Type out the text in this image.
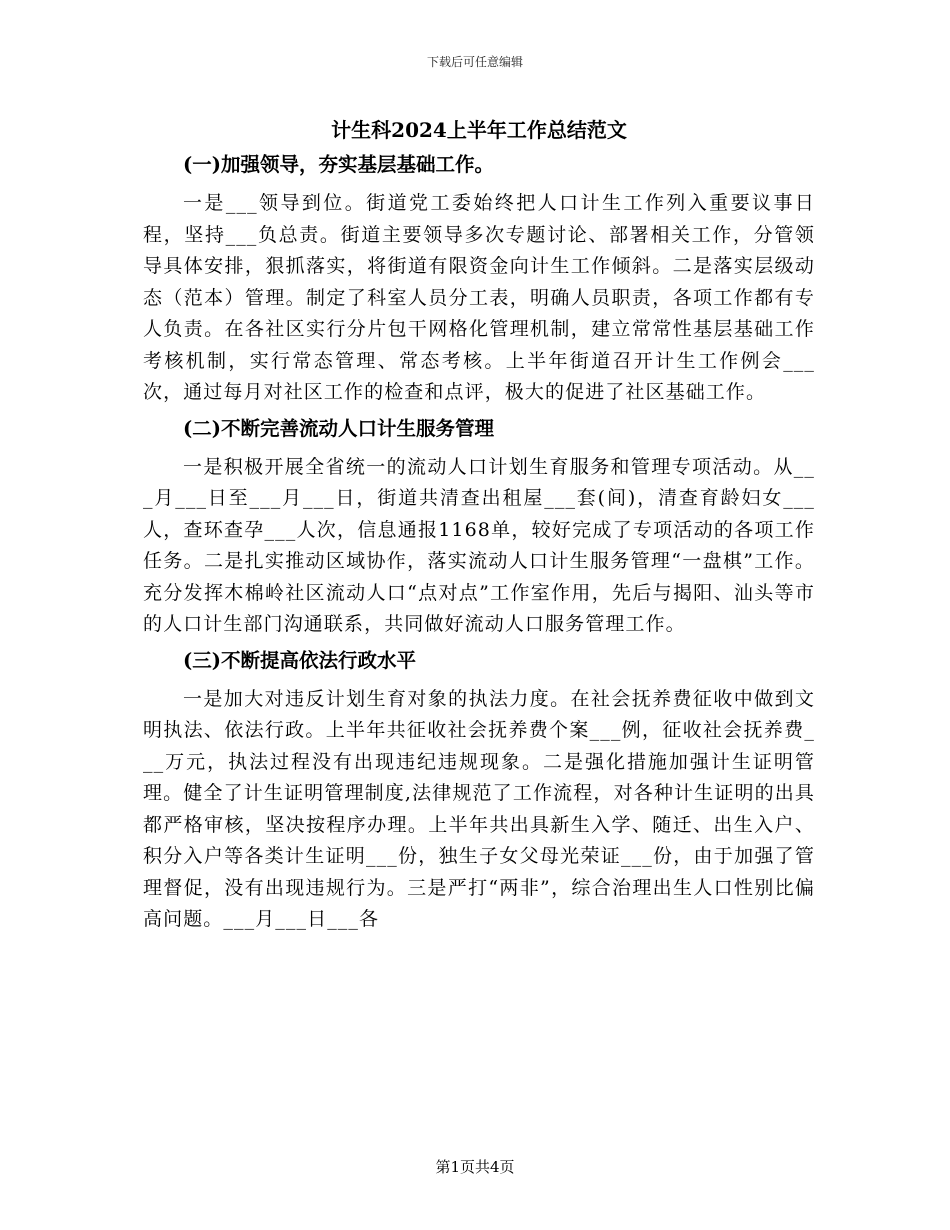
下载后可任意编辑
计生科2024上半年工作总结范文
(一)加强领导，夯实基层基础工作。

一是___领导到位。街道党工委始终把人口计生工作列入重要议事日程，坚持___负总责。街道主要领导多次专题讨论、部署相关工作，分管领导具体安排，狠抓落实，将街道有限资金向计生工作倾斜。二是落实层级动态（范本）管理。制定了科室人员分工表，明确人员职责，各项工作都有专人负责。在各社区实行分片包干网格化管理机制，建立常常性基层基础工作考核机制，实行常态管理、常态考核。上半年街道召开计生工作例会___次，通过每月对社区工作的检查和点评，极大的促进了社区基础工作。

(二)不断完善流动人口计生服务管理

一是积极开展全省统一的流动人口计划生育服务和管理专项活动。从___月___日至___月___日，街道共清查出租屋___套(间)，清查育龄妇女___人，查环查孕___人次，信息通报1168单，较好完成了专项活动的各项工作任务。二是扎实推动区域协作，落实流动人口计生服务管理“一盘棋”工作。充分发挥木棉岭社区流动人口“点对点”工作室作用，先后与揭阳、汕头等市的人口计生部门沟通联系，共同做好流动人口服务管理工作。

(三)不断提高依法行政水平

一是加大对违反计划生育对象的执法力度。在社会抚养费征收中做到文明执法、依法行政。上半年共征收社会抚养费个案___例，征收社会抚养费___万元，执法过程没有出现违纪违规现象。二是强化措施加强计生证明管理。健全了计生证明管理制度,法律规范了工作流程，对各种计生证明的出具都严格审核，坚决按程序办理。上半年共出具新生入学、随迁、出生入户、积分入户等各类计生证明___份，独生子女父母光荣证___份，由于加强了管理督促，没有出现违规行为。三是严打“两非”，综合治理出生人口性别比偏高问题。___月___日___各

第1页共4页
